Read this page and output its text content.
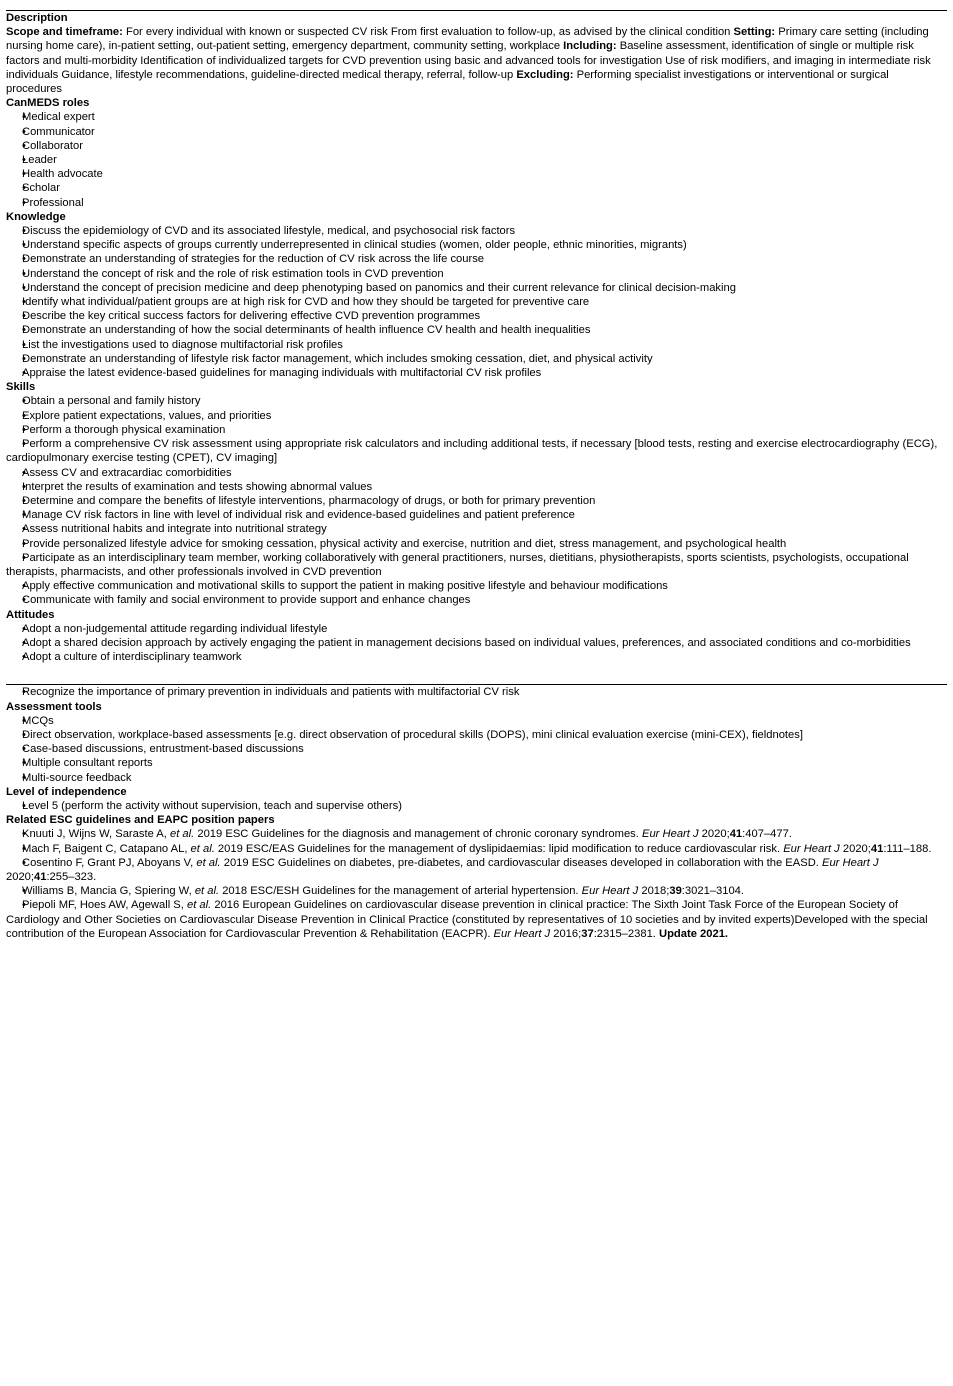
Description

Scope and timeframe: For every individual with known or suspected CV risk From first evaluation to follow-up, as advised by the clinical condition Setting: Primary care setting (including nursing home care), in-patient setting, out-patient setting, emergency department, community setting, workplace Including: Baseline assessment, identification of single or multiple risk factors and multi-morbidity Identification of individualized targets for CVD prevention using basic and advanced tools for investigation Use of risk modifiers, and imaging in intermediate risk individuals Guidance, lifestyle recommendations, guideline-directed medical therapy, referral, follow-up Excluding: Performing specialist investigations or interventional or surgical procedures

CanMEDS roles
• Medical expert
• Communicator
• Collaborator
• Leader
• Health advocate
• Scholar
• Professional
Knowledge
• Discuss the epidemiology of CVD and its associated lifestyle, medical, and psychosocial risk factors
• Understand specific aspects of groups currently underrepresented in clinical studies (women, older people, ethnic minorities, migrants)
• Demonstrate an understanding of strategies for the reduction of CV risk across the life course
• Understand the concept of risk and the role of risk estimation tools in CVD prevention
• Understand the concept of precision medicine and deep phenotyping based on panomics and their current relevance for clinical decision-making
• Identify what individual/patient groups are at high risk for CVD and how they should be targeted for preventive care
• Describe the key critical success factors for delivering effective CVD prevention programmes
• Demonstrate an understanding of how the social determinants of health influence CV health and health inequalities
• List the investigations used to diagnose multifactorial risk profiles
• Demonstrate an understanding of lifestyle risk factor management, which includes smoking cessation, diet, and physical activity
• Appraise the latest evidence-based guidelines for managing individuals with multifactorial CV risk profiles
Skills
• Obtain a personal and family history
• Explore patient expectations, values, and priorities
• Perform a thorough physical examination
• Perform a comprehensive CV risk assessment using appropriate risk calculators and including additional tests, if necessary [blood tests, resting and exercise electrocardiography (ECG), cardiopulmonary exercise testing (CPET), CV imaging]
• Assess CV and extracardiac comorbidities
• Interpret the results of examination and tests showing abnormal values
• Determine and compare the benefits of lifestyle interventions, pharmacology of drugs, or both for primary prevention
• Manage CV risk factors in line with level of individual risk and evidence-based guidelines and patient preference
• Assess nutritional habits and integrate into nutritional strategy
• Provide personalized lifestyle advice for smoking cessation, physical activity and exercise, nutrition and diet, stress management, and psychological health
• Participate as an interdisciplinary team member, working collaboratively with general practitioners, nurses, dietitians, physiotherapists, sports scientists, psychologists, occupational therapists, pharmacists, and other professionals involved in CVD prevention
• Apply effective communication and motivational skills to support the patient in making positive lifestyle and behaviour modifications
• Communicate with family and social environment to provide support and enhance changes
Attitudes
• Adopt a non-judgemental attitude regarding individual lifestyle
• Adopt a shared decision approach by actively engaging the patient in management decisions based on individual values, preferences, and associated conditions and co-morbidities
• Adopt a culture of interdisciplinary teamwork
• Recognize the importance of primary prevention in individuals and patients with multifactorial CV risk
Assessment tools
• MCQs
• Direct observation, workplace-based assessments [e.g. direct observation of procedural skills (DOPS), mini clinical evaluation exercise (mini-CEX), fieldnotes]
• Case-based discussions, entrustment-based discussions
• Multiple consultant reports
• Multi-source feedback
Level of independence
• Level 5 (perform the activity without supervision, teach and supervise others)
Related ESC guidelines and EAPC position papers
• Knuuti J, Wijns W, Saraste A, et al. 2019 ESC Guidelines for the diagnosis and management of chronic coronary syndromes. Eur Heart J 2020;41:407–477.
• Mach F, Baigent C, Catapano AL, et al. 2019 ESC/EAS Guidelines for the management of dyslipidaemias: lipid modification to reduce cardiovascular risk. Eur Heart J 2020;41:111–188.
• Cosentino F, Grant PJ, Aboyans V, et al. 2019 ESC Guidelines on diabetes, pre-diabetes, and cardiovascular diseases developed in collaboration with the EASD. Eur Heart J 2020;41:255–323.
• Williams B, Mancia G, Spiering W, et al. 2018 ESC/ESH Guidelines for the management of arterial hypertension. Eur Heart J 2018;39:3021–3104.
• Piepoli MF, Hoes AW, Agewall S, et al. 2016 European Guidelines on cardiovascular disease prevention in clinical practice: The Sixth Joint Task Force of the European Society of Cardiology and Other Societies on Cardiovascular Disease Prevention in Clinical Practice (constituted by representatives of 10 societies and by invited experts)Developed with the special contribution of the European Association for Cardiovascular Prevention & Rehabilitation (EACPR). Eur Heart J 2016;37:2315–2381. Update 2021.
